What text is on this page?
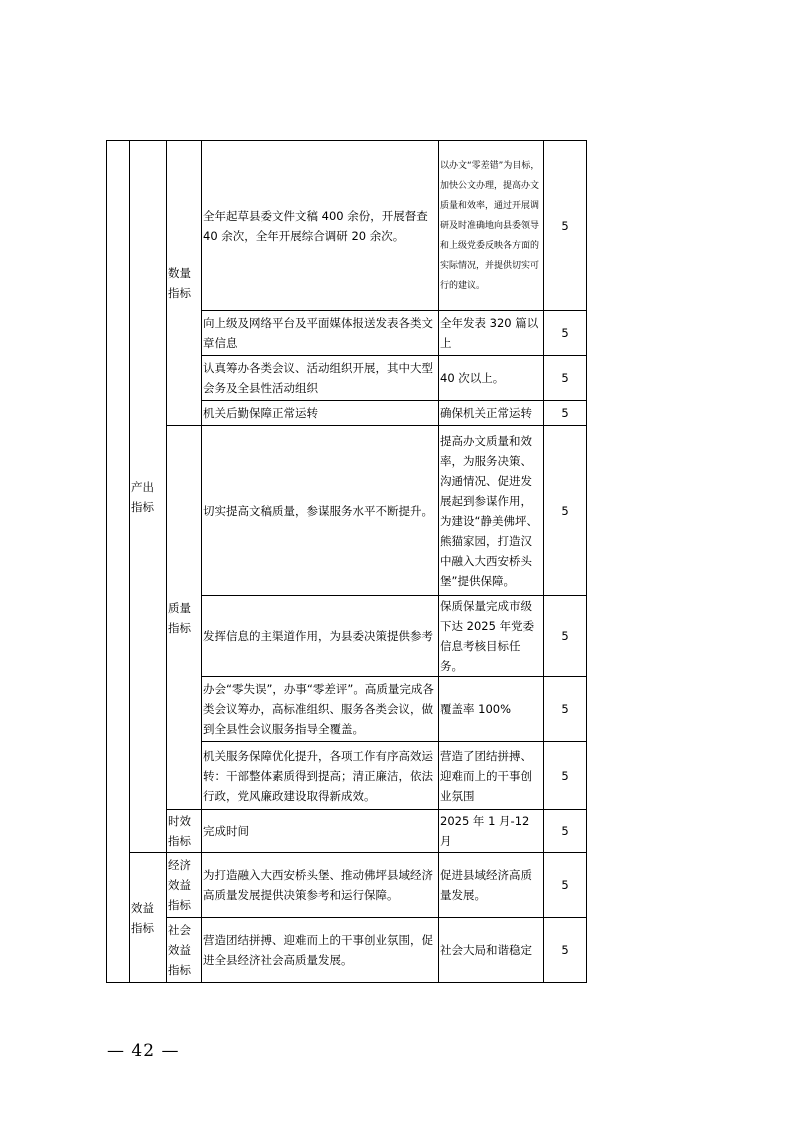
	产出指标	数量指标	全年起草县委文件文稿 400 余份，开展督查 40 余次，全年开展综合调研 20 余次。	以办文“零差错”为目标，加快公文办理，提高办文质量和效率，通过开展调研及时准确地向县委领导和上级党委反映各方面的实际情况，并提供切实可行的建议。	5
			向上级及网络平台及平面媒体报送发表各类文章信息	全年发表 320 篇以上	5
			认真筹办各类会议、活动组织开展，其中大型会务及全县性活动组织	40 次以上。	5
			机关后勤保障正常运转	确保机关正常运转	5
		质量指标	切实提高文稿质量，参谋服务水平不断提升。	提高办文质量和效率，为服务决策、沟通情况、促进发展起到参谋作用，为建设“静美佛坪、熊猫家园，打造汉中融入大西安桥头堡”提供保障。	5
			发挥信息的主渠道作用，为县委决策提供参考	保质保量完成市级下达 2025 年党委信息考核目标任务。	5
			办会“零失误”，办事“零差评”。高质量完成各类会议筹办，高标准组织、服务各类会议，做到全县性会议服务指导全覆盖。	覆盖率 100%	5
			机关服务保障优化提升，各项工作有序高效运转：干部整体素质得到提高；清正廉洁，依法行政，党风廉政建设取得新成效。	营造了团结拼搏、迎难而上的干事创业氛围	5
		时效指标	完成时间	2025 年 1 月-12 月	5
	效益指标	经济效益指标	为打造融入大西安桥头堡、推动佛坪县域经济高质量发展提供决策参考和运行保障。	促进县域经济高质量发展。	5
		社会效益指标	营造团结拼搏、迎难而上的干事创业氛围，促进全县经济社会高质量发展。	社会大局和谐稳定	5
— 42 —
